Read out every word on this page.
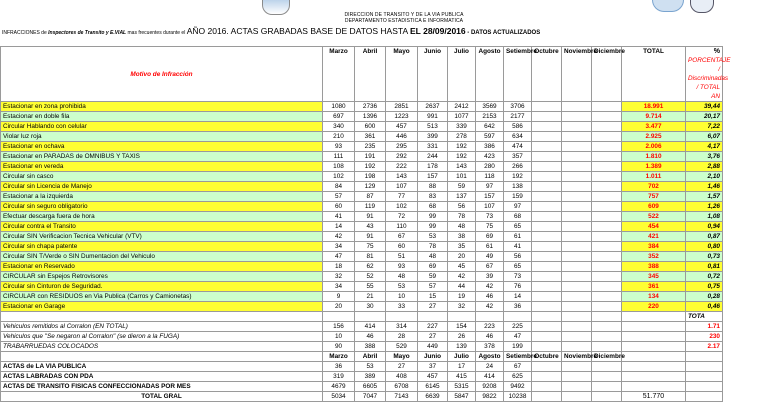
DIRECCION DE TRANSITO Y DE LA VIA PUBLICA
DEPARTAMENTO ESTADISTICA E INFORMATICA
INFRACCIONES de Inspectores de Transito y E.VIAL mas frecuentes durante el AÑO 2016. ACTAS GRABADAS BASE DE DATOS HASTA EL 28/09/2016 - DATOS ACTUALIZADOS
Motivo de Infracción	Marzo	Abril	Mayo	Junio	Julio	Agosto	Setiembre	Octubre	Noviembre	Diciembre	TOTAL	%
PORCENTAJE / Discriminadas / TOTAL AN

Estacionar en zona prohibida	1080	2736	2851	2637	2412	3569	3706				18.991	39,44
Estacionar en doble fila	697	1396	1223	991	1077	2153	2177				9.714	20,17
Circular Hablando con celular	340	600	457	513	339	642	586				3.477	7,22
Violar luz roja	210	361	446	399	278	597	634				2.925	6,07
Estacionar en ochava	93	235	295	331	192	386	474				2.006	4,17
Estacionar en PARADAS de OMNIBUS Y TAXIS	111	191	292	244	192	423	357				1.810	3,76
Estacionar en vereda	108	192	222	178	143	280	266				1.389	2,88
Circular sin casco	102	198	143	157	101	118	192				1.011	2,10
Circular sin Licencia de Manejo	84	129	107	88	59	97	138				702	1,46
Estacionar a la izquierda	57	87	77	83	137	157	159				757	1,57
Circular sin seguro obligatorio	60	119	102	68	56	107	97				609	1,26
Efectuar descarga fuera de hora	41	91	72	99	78	73	68				522	1,08
Circular contra el Transito	14	43	110	99	48	75	65				454	0,94
Circular SIN Verificacion Tecnica Vehicular (VTV)	42	91	67	53	38	69	61				421	0,87
Circular sin chapa patente	34	75	60	78	35	61	41				384	0,80
Circular SIN T/Verde o SIN Dumentacion del Vehiculo	47	81	51	48	20	49	56				352	0,73
Estacionar en Reservado	18	62	93	69	45	67	65				388	0,81
CIRCULAR sin Espejos Retrovisores	32	52	48	59	42	39	73				345	0,72
Circular sin Cinturon de Seguridad.	34	55	53	57	44	42	76				361	0,75
CIRCULAR con RESIDUOS en Via Publica (Carros y Camionetas)	9	21	10	15	19	46	14				134	0,28
Estacionar en Garage	20	30	33	27	32	42	36				220	0,46
												TOTA
Vehiculos remitidos al Corralon (EN TOTAL)	156	414	314	227	154	223	225					1.71
Vehiculos que "Se negaron al Corralon" (se dieron a la FUGA)	10	46	28	27	26	46	47					230
TRABARRUEDAS COLOCADOS	90	388	529	449	139	378	199					2.17
	Marzo	Abril	Mayo	Junio	Julio	Agosto	Setiembre	Octubre	Noviembre	Diciembre		
ACTAS de LA VIA PUBLICA	36	53	27	37	17	24	67					
ACTAS LABRADAS CON PDA	319	389	408	457	415	414	625					
ACTAS DE TRANSITO FISICAS CONFECCIONADAS POR MES	4679	6605	6708	6145	5315	9208	9492					
TOTAL GRAL	5034	7047	7143	6639	5847	9822	10238				51.770	
